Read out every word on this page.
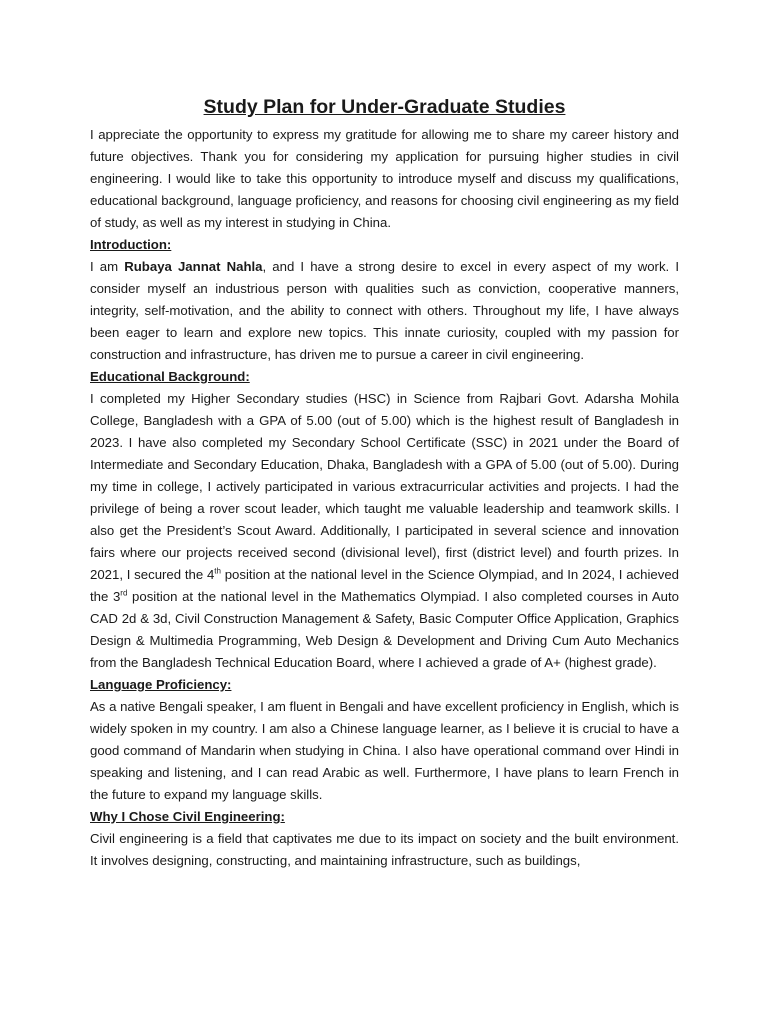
Study Plan for Under-Graduate Studies

I appreciate the opportunity to express my gratitude for allowing me to share my career history and future objectives. Thank you for considering my application for pursuing higher studies in civil engineering. I would like to take this opportunity to introduce myself and discuss my qualifications, educational background, language proficiency, and reasons for choosing civil engineering as my field of study, as well as my interest in studying in China.

Introduction:

I am Rubaya Jannat Nahla, and I have a strong desire to excel in every aspect of my work. I consider myself an industrious person with qualities such as conviction, cooperative manners, integrity, self-motivation, and the ability to connect with others. Throughout my life, I have always been eager to learn and explore new topics. This innate curiosity, coupled with my passion for construction and infrastructure, has driven me to pursue a career in civil engineering.

Educational Background:

I completed my Higher Secondary studies (HSC) in Science from Rajbari Govt. Adarsha Mohila College, Bangladesh with a GPA of 5.00 (out of 5.00) which is the highest result of Bangladesh in 2023. I have also completed my Secondary School Certificate (SSC) in 2021 under the Board of Intermediate and Secondary Education, Dhaka, Bangladesh with a GPA of 5.00 (out of 5.00). During my time in college, I actively participated in various extracurricular activities and projects. I had the privilege of being a rover scout leader, which taught me valuable leadership and teamwork skills. I also get the President’s Scout Award. Additionally, I participated in several science and innovation fairs where our projects received second (divisional level), first (district level) and fourth prizes. In 2021, I secured the 4th position at the national level in the Science Olympiad, and In 2024, I achieved the 3rd position at the national level in the Mathematics Olympiad. I also completed courses in Auto CAD 2d & 3d, Civil Construction Management & Safety, Basic Computer Office Application, Graphics Design & Multimedia Programming, Web Design & Development and Driving Cum Auto Mechanics from the Bangladesh Technical Education Board, where I achieved a grade of A+ (highest grade).

Language Proficiency:

As a native Bengali speaker, I am fluent in Bengali and have excellent proficiency in English, which is widely spoken in my country. I am also a Chinese language learner, as I believe it is crucial to have a good command of Mandarin when studying in China. I also have operational command over Hindi in speaking and listening, and I can read Arabic as well. Furthermore, I have plans to learn French in the future to expand my language skills.

Why I Chose Civil Engineering:

Civil engineering is a field that captivates me due to its impact on society and the built environment. It involves designing, constructing, and maintaining infrastructure, such as buildings,
